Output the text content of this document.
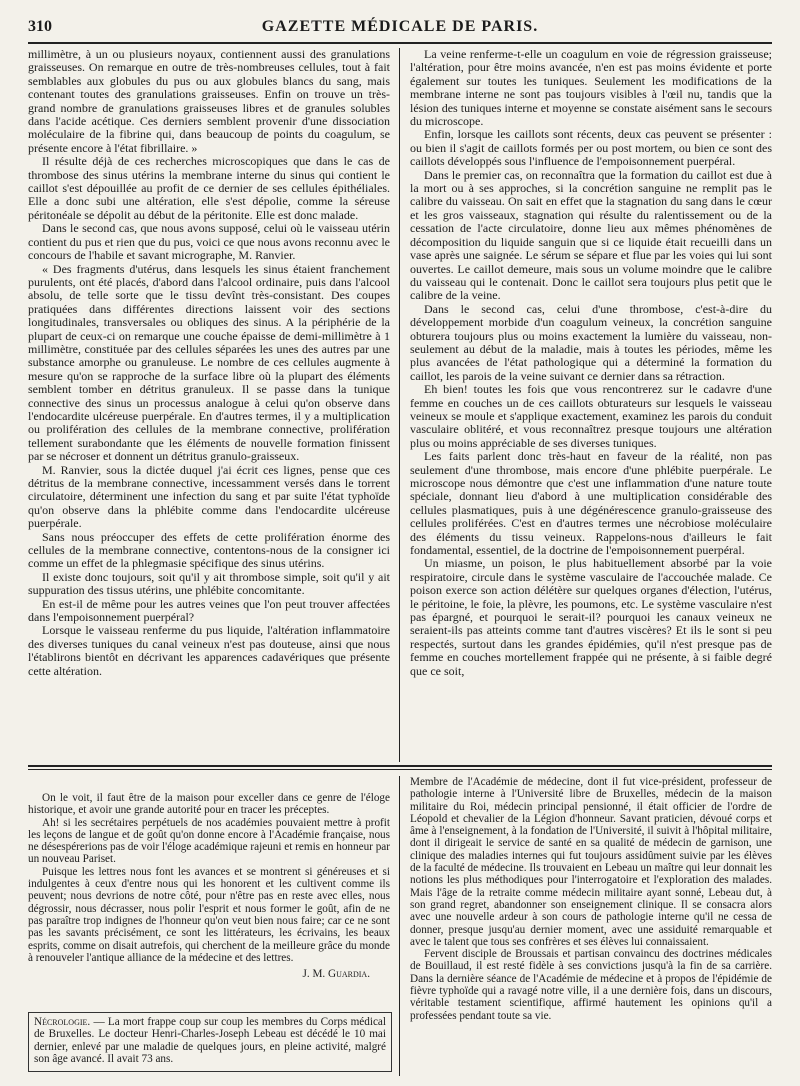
310	GAZETTE MÉDICALE DE PARIS.

millimètre, à un ou plusieurs noyaux, contiennent aussi des granulations graisseuses. On remarque en outre de très-nombreuses cellules, tout à fait semblables aux globules du pus ou aux globules blancs du sang, mais contenant toutes des granulations graisseuses. Enfin on trouve un très-grand nombre de granulations graisseuses libres et de granules solubles dans l'acide acétique. Ces derniers semblent provenir d'une dissociation moléculaire de la fibrine qui, dans beaucoup de points du coagulum, se présente encore à l'état fibrillaire. »

Il résulte déjà de ces recherches microscopiques que dans le cas de thrombose des sinus utérins la membrane interne du sinus qui contient le caillot s'est dépouillée au profit de ce dernier de ses cellules épithéliales. Elle a donc subi une altération, elle s'est dépolie, comme la séreuse péritonéale se dépolit au début de la péritonite. Elle est donc malade.

Dans le second cas, que nous avons supposé, celui où le vaisseau utérin contient du pus et rien que du pus, voici ce que nous avons reconnu avec le concours de l'habile et savant micrographe, M. Ranvier.

« Des fragments d'utérus, dans lesquels les sinus étaient franchement purulents, ont été placés, d'abord dans l'alcool ordinaire, puis dans l'alcool absolu, de telle sorte que le tissu devînt très-consistant. Des coupes pratiquées dans différentes directions laissent voir des sections longitudinales, transversales ou obliques des sinus. A la périphérie de la plupart de ceux-ci on remarque une couche épaisse de demi-millimètre à 1 millimètre, constituée par des cellules séparées les unes des autres par une substance amorphe ou granuleuse. Le nombre de ces cellules augmente à mesure qu'on se rapproche de la surface libre où la plupart des éléments semblent tomber en détritus granuleux. Il se passe dans la tunique connective des sinus un processus analogue à celui qu'on observe dans l'endocardite ulcéreuse puerpérale. En d'autres termes, il y a multiplication ou prolifération des cellules de la membrane connective, prolifération tellement surabondante que les éléments de nouvelle formation finissent par se nécroser et donnent un détritus granulo-graisseux.

M. Ranvier, sous la dictée duquel j'ai écrit ces lignes, pense que ces détritus de la membrane connective, incessamment versés dans le torrent circulatoire, déterminent une infection du sang et par suite l'état typhoïde qu'on observe dans la phlébite comme dans l'endocardite ulcéreuse puerpérale.

Sans nous préoccuper des effets de cette prolifération énorme des cellules de la membrane connective, contentons-nous de la consigner ici comme un effet de la phlegmasie spécifique des sinus utérins.

Il existe donc toujours, soit qu'il y ait thrombose simple, soit qu'il y ait suppuration des tissus utérins, une phlébite concomitante.

En est-il de même pour les autres veines que l'on peut trouver affectées dans l'empoisonnement puerpéral?

Lorsque le vaisseau renferme du pus liquide, l'altération inflammatoire des diverses tuniques du canal veineux n'est pas douteuse, ainsi que nous l'établirons bientôt en décrivant les apparences cadavériques que présente cette altération.

La veine renferme-t-elle un coagulum en voie de régression graisseuse; l'altération, pour être moins avancée, n'en est pas moins évidente et porte également sur toutes les tuniques. Seulement les modifications de la membrane interne ne sont pas toujours visibles à l'œil nu, tandis que la lésion des tuniques interne et moyenne se constate aisément sans le secours du microscope.

Enfin, lorsque les caillots sont récents, deux cas peuvent se présenter : ou bien il s'agit de caillots formés per ou post mortem, ou bien ce sont des caillots développés sous l'influence de l'empoisonnement puerpéral.

Dans le premier cas, on reconnaîtra que la formation du caillot est due à la mort ou à ses approches, si la concrétion sanguine ne remplit pas le calibre du vaisseau. On sait en effet que la stagnation du sang dans le cœur et les gros vaisseaux, stagnation qui résulte du ralentissement ou de la cessation de l'acte circulatoire, donne lieu aux mêmes phénomènes de décomposition du liquide sanguin que si ce liquide était recueilli dans un vase après une saignée. Le sérum se sépare et flue par les voies qui lui sont ouvertes. Le caillot demeure, mais sous un volume moindre que le calibre du vaisseau qui le contenait. Donc le caillot sera toujours plus petit que le calibre de la veine.

Dans le second cas, celui d'une thrombose, c'est-à-dire du développement morbide d'un coagulum veineux, la concrétion sanguine obturera toujours plus ou moins exactement la lumière du vaisseau, non-seulement au début de la maladie, mais à toutes les périodes, même les plus avancées de l'état pathologique qui a déterminé la formation du caillot, les parois de la veine suivant ce dernier dans sa rétraction.

Eh bien! toutes les fois que vous rencontrerez sur le cadavre d'une femme en couches un de ces caillots obturateurs sur lesquels le vaisseau veineux se moule et s'applique exactement, examinez les parois du conduit vasculaire oblitéré, et vous reconnaîtrez presque toujours une altération plus ou moins appréciable de ses diverses tuniques.

Les faits parlent donc très-haut en faveur de la réalité, non pas seulement d'une thrombose, mais encore d'une phlébite puerpérale. Le microscope nous démontre que c'est une inflammation d'une nature toute spéciale, donnant lieu d'abord à une multiplication considérable des cellules plasmatiques, puis à une dégénérescence granulo-graisseuse des cellules proliférées. C'est en d'autres termes une nécrobiose moléculaire des éléments du tissu veineux. Rappelons-nous d'ailleurs le fait fondamental, essentiel, de la doctrine de l'empoisonnement puerpéral.

Un miasme, un poison, le plus habituellement absorbé par la voie respiratoire, circule dans le système vasculaire de l'accouchée malade. Ce poison exerce son action délétère sur quelques organes d'élection, l'utérus, le péritoine, le foie, la plèvre, les poumons, etc. Le système vasculaire n'est pas épargné, et pourquoi le serait-il? pourquoi les canaux veineux ne seraient-ils pas atteints comme tant d'autres viscères? Et ils le sont si peu respectés, surtout dans les grandes épidémies, qu'il n'est presque pas de femme en couches mortellement frappée qui ne présente, à si faible degré que ce soit,

On le voit, il faut être de la maison pour exceller dans ce genre de l'éloge historique, et avoir une grande autorité pour en tracer les préceptes.

Ah! si les secrétaires perpétuels de nos académies pouvaient mettre à profit les leçons de langue et de goût qu'on donne encore à l'Académie française, nous ne désespérerions pas de voir l'éloge académique rajeuni et remis en honneur par un nouveau Pariset.

Puisque les lettres nous font les avances et se montrent si généreuses et si indulgentes à ceux d'entre nous qui les honorent et les cultivent comme ils peuvent; nous devrions de notre côté, pour n'être pas en reste avec elles, nous dégrossir, nous décrasser, nous polir l'esprit et nous former le goût, afin de ne pas paraître trop indignes de l'honneur qu'on veut bien nous faire; car ce ne sont pas les savants précisément, ce sont les littérateurs, les écrivains, les beaux esprits, comme on disait autrefois, qui cherchent de la meilleure grâce du monde à renouveler l'antique alliance de la médecine et des lettres.

J. M. Guardia.
Nécrologie. — La mort frappe coup sur coup les membres du Corps médical de Bruxelles. Le docteur Henri-Charles-Joseph Lebeau est décédé le 10 mai dernier, enlevé par une maladie de quelques jours, en pleine activité, malgré son âge avancé. Il avait 73 ans.

Membre de l'Académie de médecine, dont il fut vice-président, professeur de pathologie interne à l'Université libre de Bruxelles, médecin de la maison militaire du Roi, médecin principal pensionné, il était officier de l'ordre de Léopold et chevalier de la Légion d'honneur. Savant praticien, dévoué corps et âme à l'enseignement, à la fondation de l'Université, il suivit à l'hôpital militaire, dont il dirigeait le service de santé en sa qualité de médecin de garnison, une clinique des maladies internes qui fut toujours assidûment suivie par les élèves de la faculté de médecine. Ils trouvaient en Lebeau un maître qui leur donnait les notions les plus méthodiques pour l'interrogatoire et l'exploration des malades. Mais l'âge de la retraite comme médecin militaire ayant sonné, Lebeau dut, à son grand regret, abandonner son enseignement clinique. Il se consacra alors avec une nouvelle ardeur à son cours de pathologie interne qu'il ne cessa de donner, presque jusqu'au dernier moment, avec une assiduité remarquable et avec le talent que tous ses confrères et ses élèves lui connaissaient.

Fervent disciple de Broussais et partisan convaincu des doctrines médicales de Bouillaud, il est resté fidèle à ses convictions jusqu'à la fin de sa carrière. Dans la dernière séance de l'Académie de médecine et à propos de l'épidémie de fièvre typhoïde qui a ravagé notre ville, il a une dernière fois, dans un discours, véritable testament scientifique, affirmé hautement les opinions qu'il a professées pendant toute sa vie.
